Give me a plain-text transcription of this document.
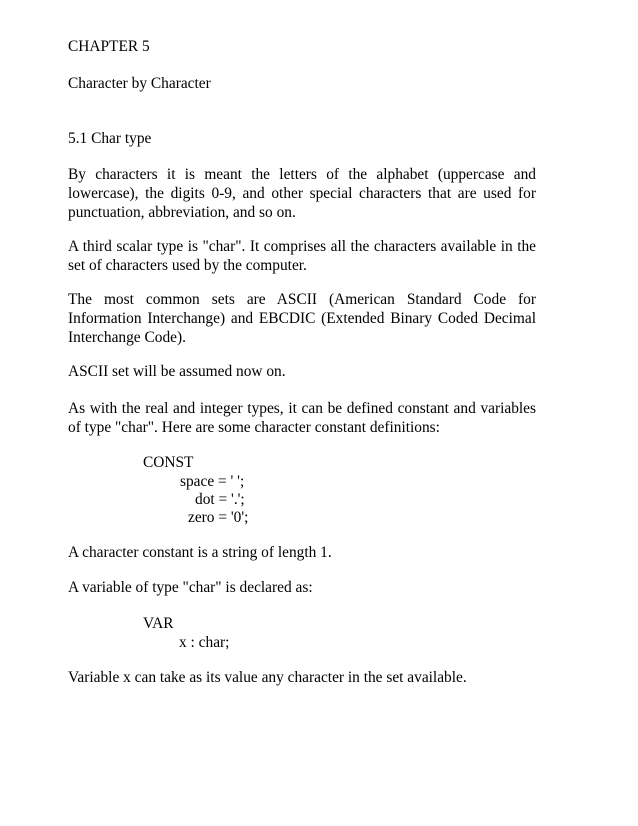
CHAPTER 5
Character by Character
5.1 Char type
By characters it is meant the letters of the alphabet (uppercase and
lowercase), the digits 0-9, and other special characters that are used for
punctuation, abbreviation, and so on.
A third scalar type is "char". It comprises all the characters available in the
set of characters used by the computer.
The most common sets are ASCII (American Standard Code for
Information Interchange) and EBCDIC (Extended Binary Coded Decimal
Interchange Code).
ASCII set will be assumed now on.
As with the real and integer types, it can be defined constant and variables
of type "char". Here are some character constant definitions:
CONST
space = ' ';
dot = '.';
zero = '0';
A character constant is a string of length 1.
A variable of type "char" is declared as:
VAR
x : char;
Variable x can take as its value any character in the set available.
